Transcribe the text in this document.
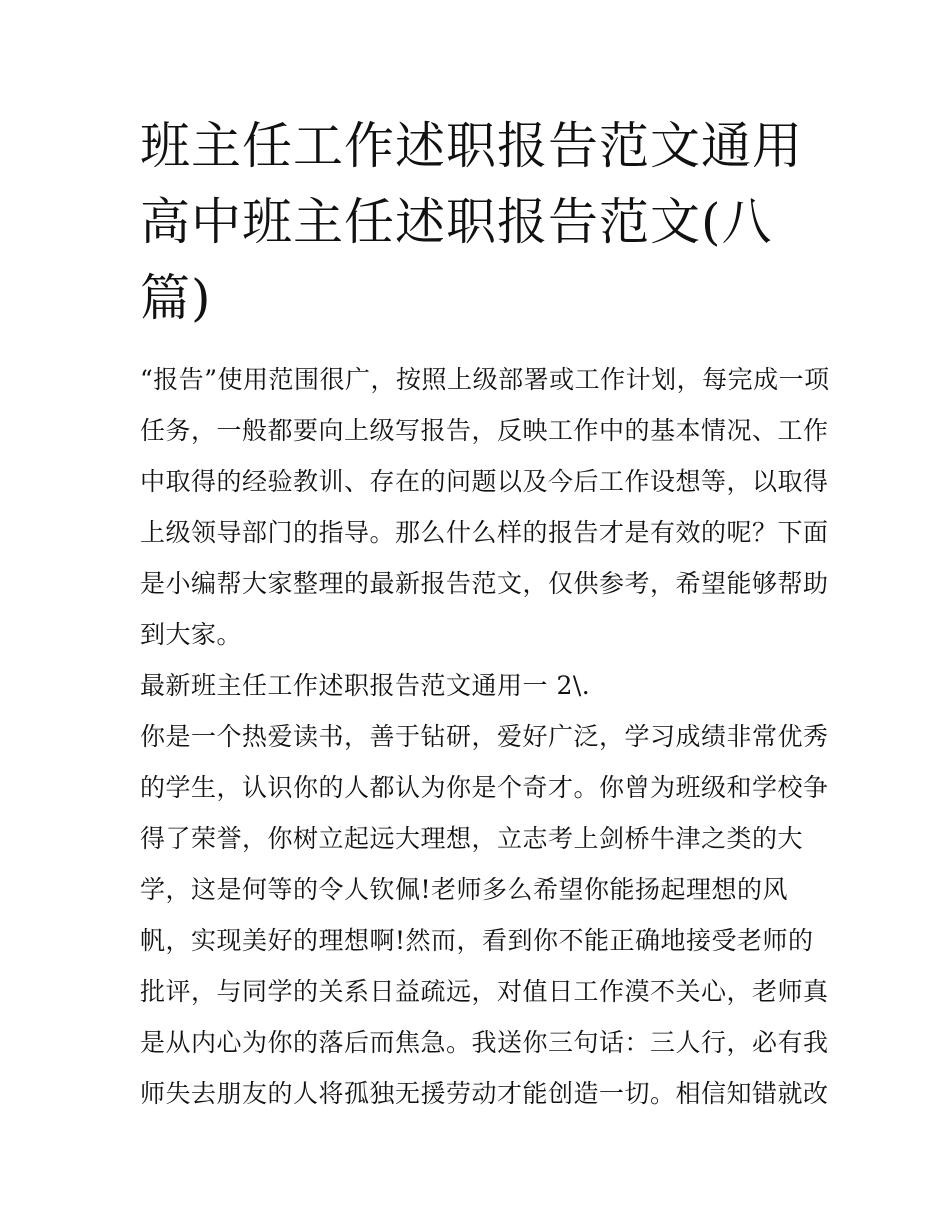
班主任工作述职报告范文通用
高中班主任述职报告范文(八
篇)
“报告”使用范围很广，按照上级部署或工作计划，每完成一项
任务，一般都要向上级写报告，反映工作中的基本情况、工作
中取得的经验教训、存在的问题以及今后工作设想等，以取得
上级领导部门的指导。那么什么样的报告才是有效的呢？下面
是小编帮大家整理的最新报告范文，仅供参考，希望能够帮助
到大家。
最新班主任工作述职报告范文通用一 2\.
你是一个热爱读书，善于钻研，爱好广泛，学习成绩非常优秀
的学生，认识你的人都认为你是个奇才。你曾为班级和学校争
得了荣誉，你树立起远大理想，立志考上剑桥牛津之类的大
学，这是何等的令人钦佩!老师多么希望你能扬起理想的风
帆，实现美好的理想啊!然而，看到你不能正确地接受老师的
批评，与同学的关系日益疏远，对值日工作漠不关心，老师真
是从内心为你的落后而焦急。我送你三句话：三人行，必有我
师失去朋友的人将孤独无援劳动才能创造一切。相信知错就改
